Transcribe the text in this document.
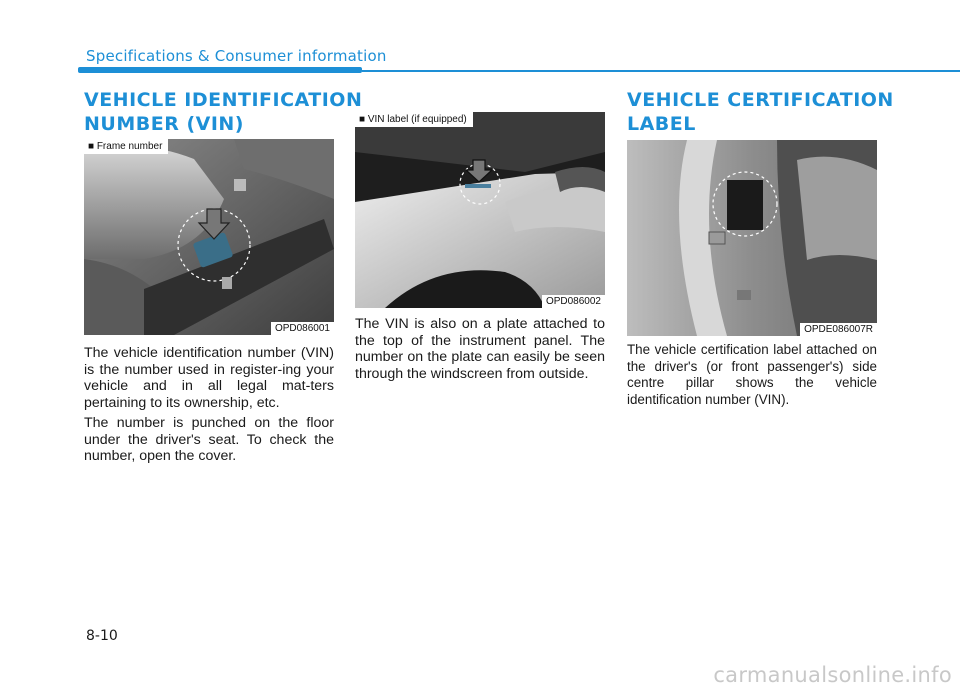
Specifications & Consumer information
VEHICLE IDENTIFICATION
NUMBER (VIN)
■ Frame number
OPD086001

The vehicle identification number (VIN) is the number used in register-ing your vehicle and in all legal mat-ters pertaining to its ownership, etc.

The number is punched on the floor under the driver's seat. To check the number, open the cover.

■ VIN label (if equipped)
OPD086002

The VIN is also on a plate attached to the top of the instrument panel. The number on the plate can easily be seen through the windscreen from outside.

VEHICLE CERTIFICATION
LABEL
OPDE086007R

The vehicle certification label attached on the driver's (or front passenger's) side centre pillar shows the vehicle identification number (VIN).

8-10
carmanualsonline.info
